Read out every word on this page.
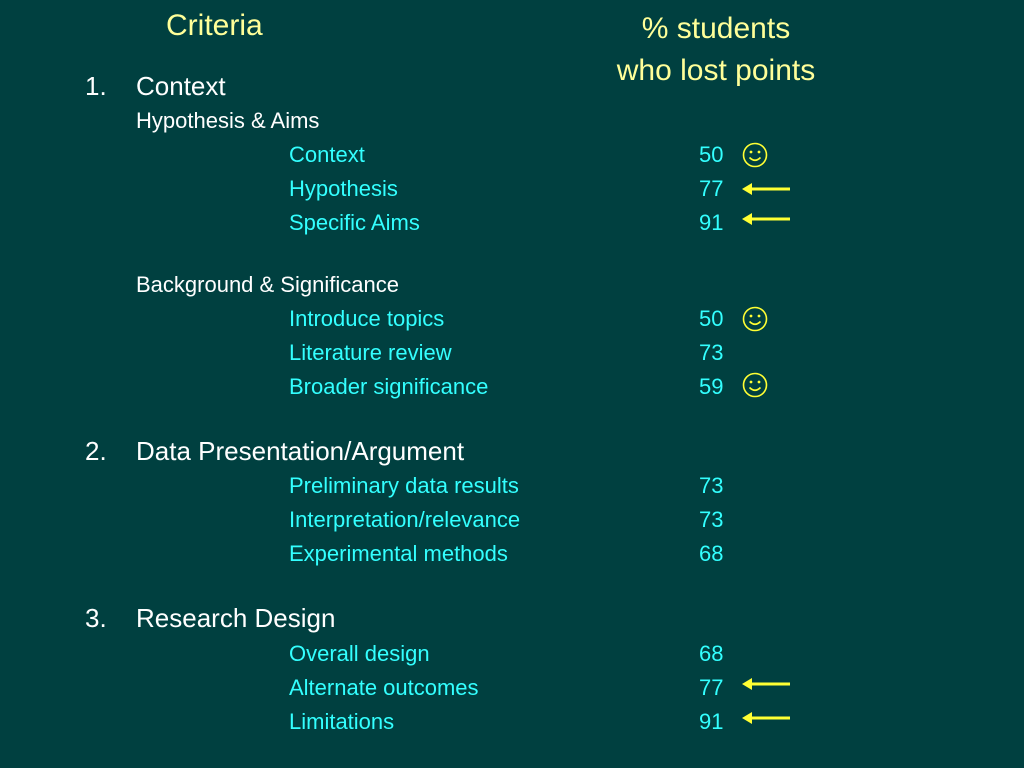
Criteria	% students
who lost points
1. Context
Hypothesis & Aims
Context	50
Hypothesis	77
Specific Aims	91
Background & Significance
Introduce topics	50
Literature review	73
Broader significance	59
2. Data Presentation/Argument
Preliminary data results	73
Interpretation/relevance	73
Experimental methods	68
3. Research Design
Overall design	68
Alternate outcomes	77
Limitations	91
